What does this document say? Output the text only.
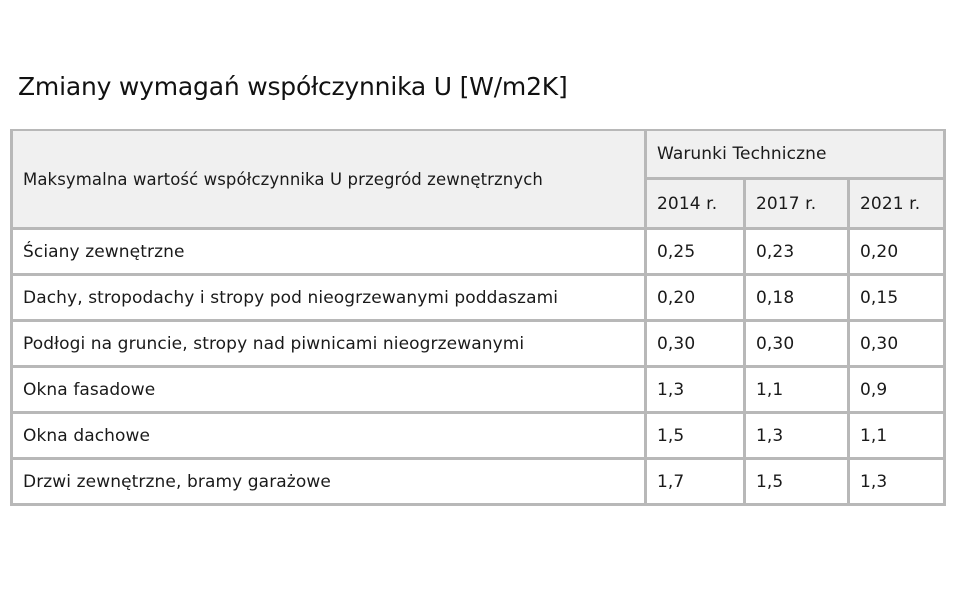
Zmiany wymagań współczynnika U [W/m2K]
Maksymalna wartość współczynnika U przegród zewnętrznych	Warunki Techniczne		
	2014 r.	2017 r.	2021 r.
Ściany zewnętrzne	0,25	0,23	0,20
Dachy, stropodachy i stropy pod nieogrzewanymi poddaszami	0,20	0,18	0,15
Podłogi na gruncie, stropy nad piwnicami nieogrzewanymi	0,30	0,30	0,30
Okna fasadowe	1,3	1,1	0,9
Okna dachowe	1,5	1,3	1,1
Drzwi zewnętrzne, bramy garażowe	1,7	1,5	1,3
